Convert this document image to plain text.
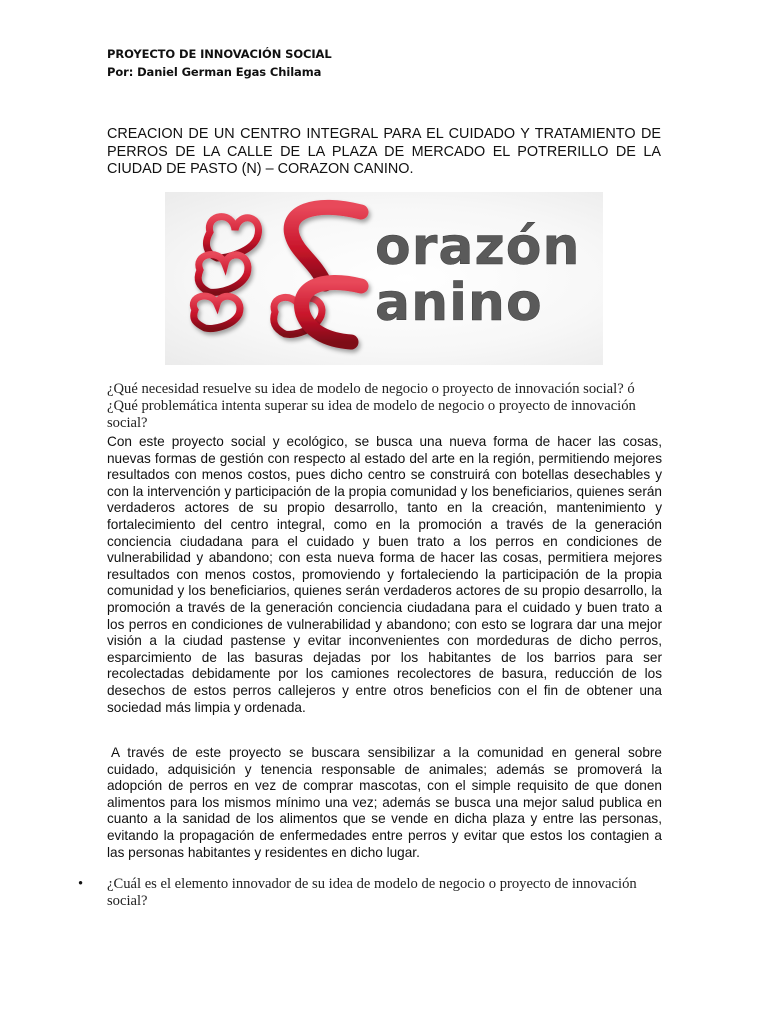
PROYECTO DE INNOVACIÓN SOCIAL
Por: Daniel German Egas Chilama
CREACION DE UN CENTRO INTEGRAL PARA EL CUIDADO Y TRATAMIENTO DE PERROS DE LA CALLE DE LA PLAZA DE MERCADO EL POTRERILLO DE LA CIUDAD DE PASTO (N) – CORAZON CANINO.
orazón
anino
¿Qué necesidad resuelve su idea de modelo de negocio o proyecto de innovación social? ó ¿Qué problemática intenta superar su idea de modelo de negocio o proyecto de innovación social?

Con este proyecto social y ecológico, se busca una nueva forma de hacer las cosas, nuevas formas de gestión con respecto al estado del arte en la región, permitiendo mejores resultados con menos costos, pues dicho centro se construirá con botellas desechables y con la intervención y participación de la propia comunidad y los beneficiarios, quienes serán verdaderos actores de su propio desarrollo, tanto en la creación, mantenimiento y fortalecimiento del centro integral, como en la promoción a través de la generación conciencia ciudadana para el cuidado y buen trato a los perros en condiciones de vulnerabilidad y abandono; con esta nueva forma de hacer las cosas, permitiera mejores resultados con menos costos, promoviendo y fortaleciendo la participación de la propia comunidad y los beneficiarios, quienes serán verdaderos actores de su propio desarrollo, la promoción a través de la generación conciencia ciudadana para el cuidado y buen trato a los perros en condiciones de vulnerabilidad y abandono; con esto se lograra dar una mejor visión a la ciudad pastense y evitar inconvenientes con mordeduras de dicho perros, esparcimiento de las basuras dejadas por los habitantes de los barrios para ser recolectadas debidamente por los camiones recolectores de basura, reducción de los desechos de estos perros callejeros y entre otros beneficios con el fin de obtener una sociedad más limpia y ordenada.

A través de este proyecto se buscara sensibilizar a la comunidad en general sobre cuidado, adquisición y tenencia responsable de animales; además se promoverá la adopción de perros en vez de comprar mascotas, con el simple requisito de que donen alimentos para los mismos mínimo una vez; además se busca una mejor salud publica en cuanto a la sanidad de los alimentos que se vende en dicha plaza y entre las personas, evitando la propagación de enfermedades entre perros y evitar que estos los contagien a las personas habitantes y residentes en dicho lugar.

•	¿Cuál es el elemento innovador de su idea de modelo de negocio o proyecto de innovación social?
